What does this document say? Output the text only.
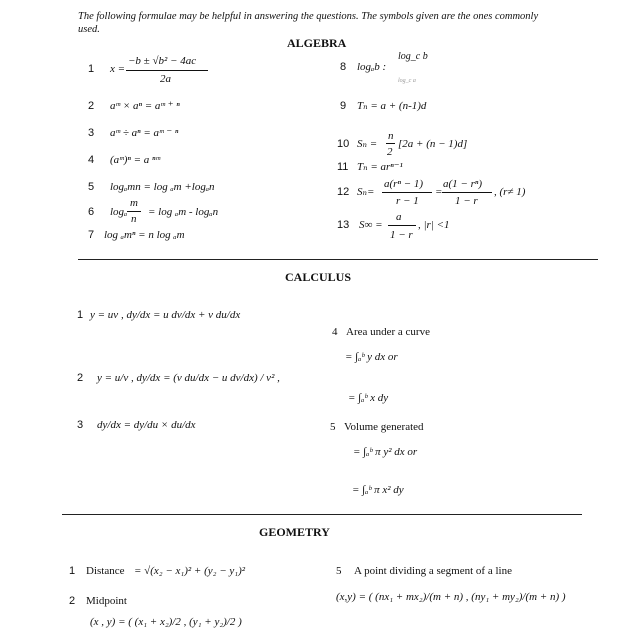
The following formulae may be helpful in answering the questions. The symbols given are the ones commonly used.
ALGEBRA
1
2
3
4
5
6
7
x =
−b ± √b² − 4ac
2a
aᵐ × aⁿ = aᵐ ⁺ ⁿ
aᵐ ÷ aⁿ = aᵐ ⁻ ⁿ
(aᵐ)ⁿ = a ⁿᵐ
logₐmn = log ₐm +logₐn
logₐ
m
n
= log ₐm - logₐn
log ₐmⁿ = n log ₐm
8
9
10
11
12
13
logₐb :
log_c b
log_c a
Tₙ = a + (n-1)d
Sₙ =
n
2
[2a + (n − 1)d]
Tₙ = arⁿ⁻¹
Sₙ=
a(rⁿ − 1)
r − 1
=
a(1 − rⁿ)
1 − r
, (r≠ 1)
S∞ =
a
1 − r
, |r| <1
CALCULUS
1 y = uv , dy/dx = u dv/dx + v du/dx
2 y = u/v , dy/dx = (v du/dx − u dv/dx) / v² ,
3 dy/dx = dy/du × du/dx
4 Area under a curve
= ∫ₐᵇ y dx or
= ∫ₐᵇ x dy
5 Volume generated
= ∫ₐᵇ π y² dx or
= ∫ₐᵇ π x² dy
GEOMETRY
1 Distance = √(x₂ − x₁)² + (y₂ − y₁)²
2 Midpoint
(x , y) = ( (x₁ + x₂)/2 , (y₁ + y₂)/2 )
5 A point dividing a segment of a line
(x,y) = ( (nx₁ + mx₂)/(m + n) , (ny₁ + my₂)/(m + n) )
